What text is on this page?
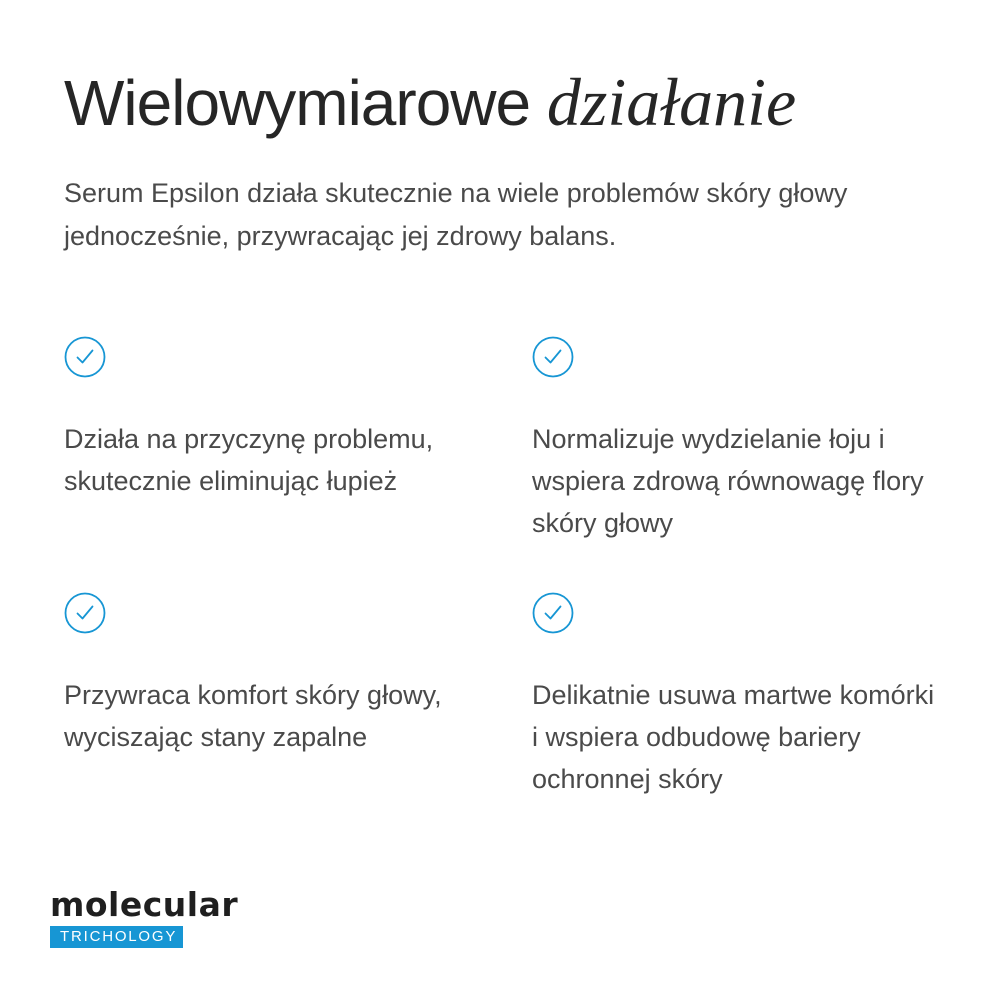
Wielowymiarowe działanie

Serum Epsilon działa skutecznie na wiele problemów skóry głowy jednocześnie, przywracając jej zdrowy balans.

Działa na przyczynę problemu, skutecznie eliminując łupież

Normalizuje wydzielanie łoju i wspiera zdrową równowagę flory skóry głowy

Przywraca komfort skóry głowy, wyciszając stany zapalne

Delikatnie usuwa martwe komórki i wspiera odbudowę bariery ochronnej skóry

molecular
TRICHOLOGY
